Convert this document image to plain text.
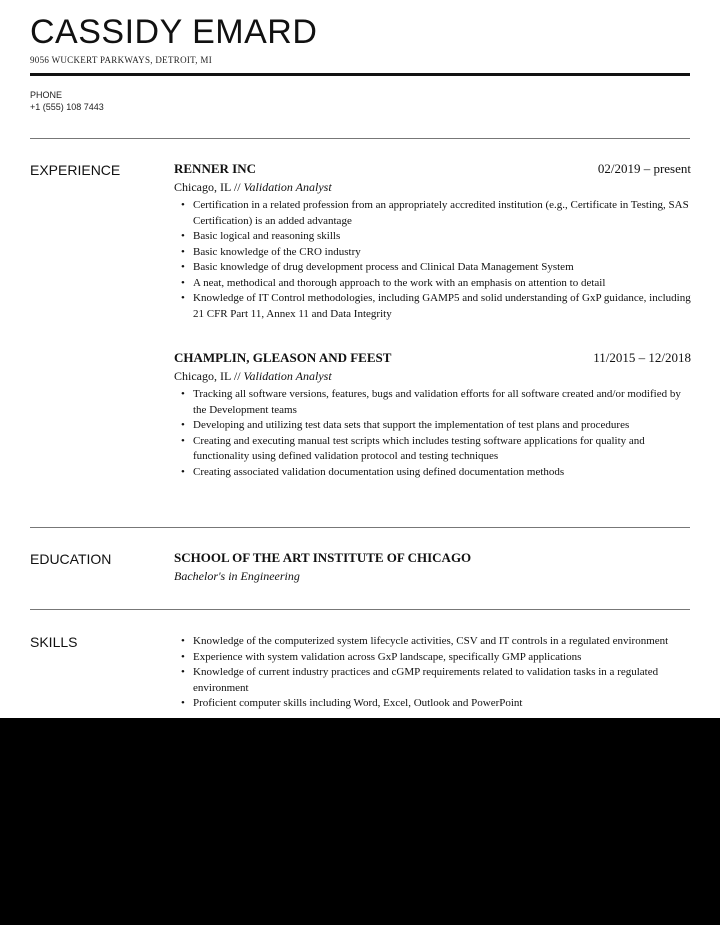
CASSIDY EMARD
9056 WUCKERT PARKWAYS, DETROIT, MI
PHONE
+1 (555) 108 7443
EXPERIENCE	RENNER INC	02/2019 – present
Chicago, IL // Validation Analyst
• Certification in a related profession from an appropriately accredited institution (e.g., Certificate in Testing, SAS Certification) is an added advantage
• Basic logical and reasoning skills
• Basic knowledge of the CRO industry
• Basic knowledge of drug development process and Clinical Data Management System
• A neat, methodical and thorough approach to the work with an emphasis on attention to detail
• Knowledge of IT Control methodologies, including GAMP5 and solid understanding of GxP guidance, including 21 CFR Part 11, Annex 11 and Data Integrity
CHAMPLIN, GLEASON AND FEEST	11/2015 – 12/2018
Chicago, IL // Validation Analyst
• Tracking all software versions, features, bugs and validation efforts for all software created and/or modified by the Development teams
• Developing and utilizing test data sets that support the implementation of test plans and procedures
• Creating and executing manual test scripts which includes testing software applications for quality and functionality using defined validation protocol and testing techniques
• Creating associated validation documentation using defined documentation methods
EDUCATION	SCHOOL OF THE ART INSTITUTE OF CHICAGO
Bachelor's in Engineering
SKILLS
•	Knowledge of the computerized system lifecycle activities, CSV and IT controls in a regulated environment
• Experience with system validation across GxP landscape, specifically GMP applications
• Knowledge of current industry practices and cGMP requirements related to validation tasks in a regulated environment
• Proficient computer skills including Word, Excel, Outlook and PowerPoint
